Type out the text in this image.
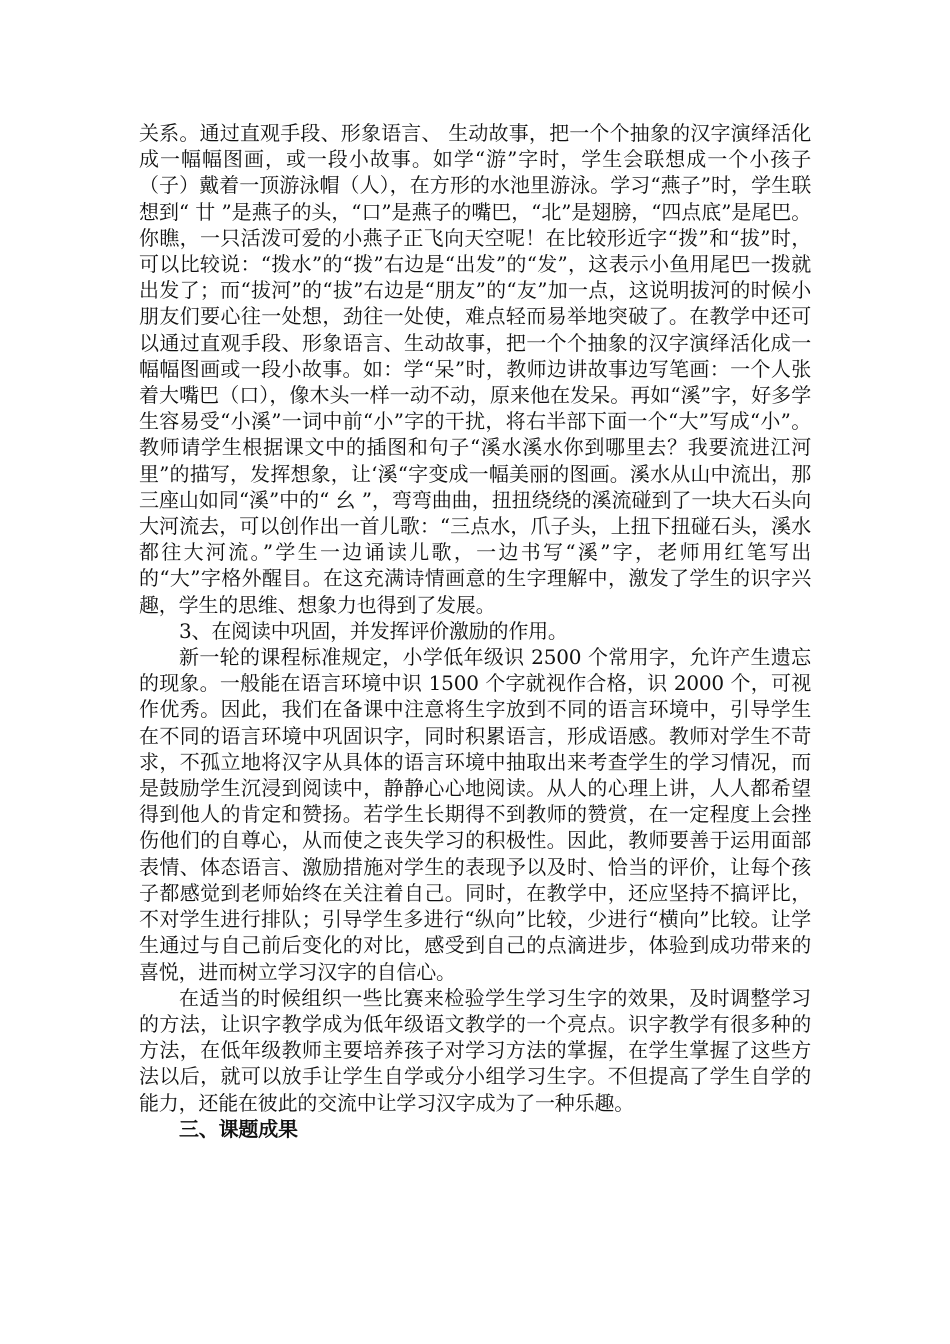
关系。通过直观手段、形象语言、 生动故事，把一个个抽象的汉字演绎活化成一幅幅图画，或一段小故事。如学“游”字时，学生会联想成一个小孩子（子）戴着一顶游泳帽（人），在方形的水池里游泳。学习“燕子”时，学生联想到“ 廿 ”是燕子的头，“口”是燕子的嘴巴，“北”是翅膀，“四点底”是尾巴。你瞧，一只活泼可爱的小燕子正飞向天空呢！在比较形近字“拨”和“拔”时，可以比较说：“拨水”的“拨”右边是“出发”的“发”，这表示小鱼用尾巴一拨就出发了；而“拔河”的“拔”右边是“朋友”的“友”加一点，这说明拔河的时候小朋友们要心往一处想，劲往一处使，难点轻而易举地突破了。在教学中还可以通过直观手段、形象语言、生动故事，把一个个抽象的汉字演绎活化成一幅幅图画或一段小故事。如：学“呆”时，教师边讲故事边写笔画：一个人张着大嘴巴（口），像木头一样一动不动，原来他在发呆。再如“溪”字，好多学生容易受“小溪”一词中前“小”字的干扰，将右半部下面一个“大”写成“小”。教师请学生根据课文中的插图和句子“溪水溪水你到哪里去？我要流进江河里”的描写，发挥想象，让‘溪“字变成一幅美丽的图画。溪水从山中流出，那三座山如同“溪”中的“ 幺 ”，弯弯曲曲，扭扭绕绕的溪流碰到了一块大石头向大河流去，可以创作出一首儿歌：“三点水，爪子头，上扭下扭碰石头，溪水都往大河流。”学生一边诵读儿歌，一边书写“溪”字，老师用红笔写出的“大”字格外醒目。在这充满诗情画意的生字理解中，激发了学生的识字兴趣，学生的思维、想象力也得到了发展。

3、在阅读中巩固，并发挥评价激励的作用。

新一轮的课程标准规定，小学低年级识 2500 个常用字，允许产生遗忘的现象。一般能在语言环境中识 1500 个字就视作合格，识 2000 个，可视作优秀。因此，我们在备课中注意将生字放到不同的语言环境中，引导学生在不同的语言环境中巩固识字，同时积累语言，形成语感。教师对学生不苛求，不孤立地将汉字从具体的语言环境中抽取出来考查学生的学习情况，而是鼓励学生沉浸到阅读中，静静心心地阅读。从人的心理上讲，人人都希望得到他人的肯定和赞扬。若学生长期得不到教师的赞赏，在一定程度上会挫伤他们的自尊心，从而使之丧失学习的积极性。因此，教师要善于运用面部表情、体态语言、激励措施对学生的表现予以及时、恰当的评价，让每个孩子都感觉到老师始终在关注着自己。同时，在教学中，还应坚持不搞评比，不对学生进行排队；引导学生多进行“纵向”比较，少进行“横向”比较。让学生通过与自己前后变化的对比，感受到自己的点滴进步，体验到成功带来的喜悦，进而树立学习汉字的自信心。

在适当的时候组织一些比赛来检验学生学习生字的效果，及时调整学习的方法，让识字教学成为低年级语文教学的一个亮点。识字教学有很多种的方法，在低年级教师主要培养孩子对学习方法的掌握，在学生掌握了这些方法以后，就可以放手让学生自学或分小组学习生字。不但提高了学生自学的能力，还能在彼此的交流中让学习汉字成为了一种乐趣。

三、课题成果
